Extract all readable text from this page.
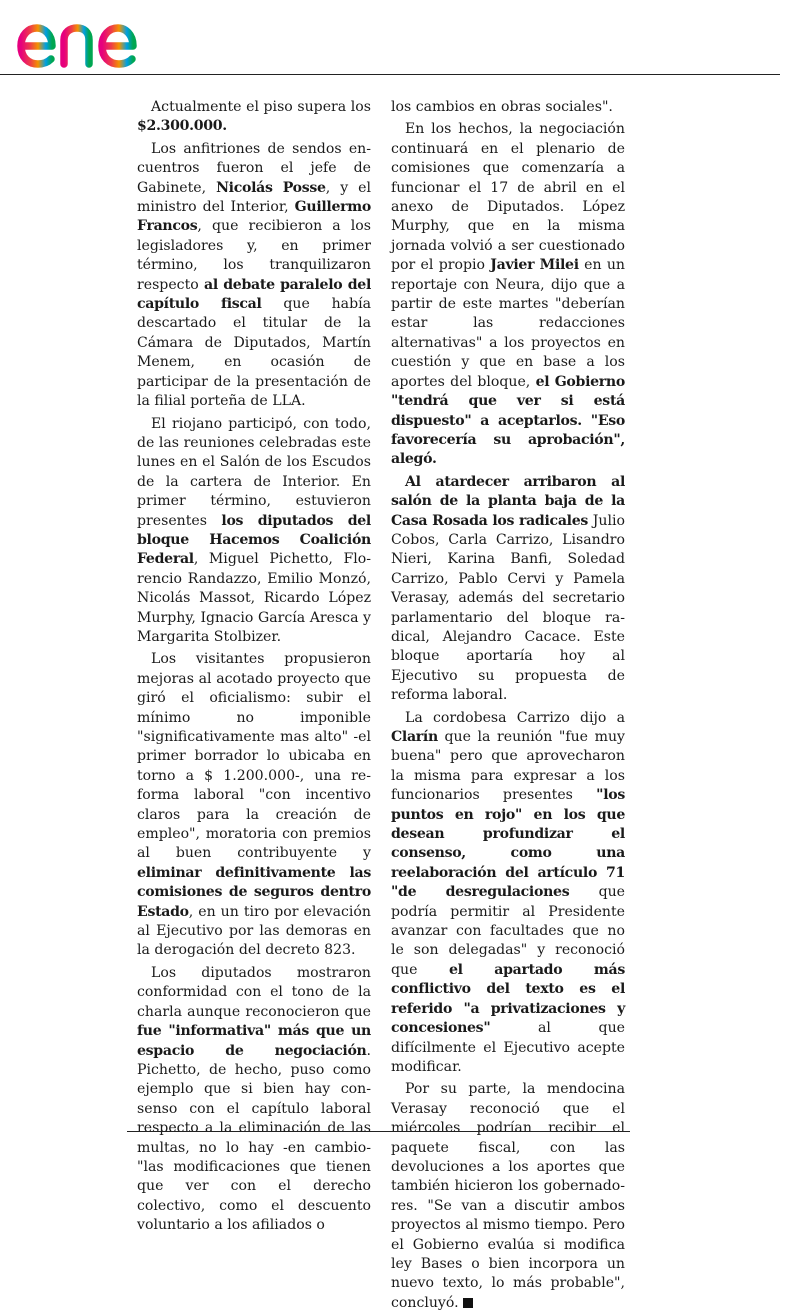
Actualmente el piso supera los $2.300.000.

Los anfitriones de sendos encuentros fueron el jefe de Gabinete, Nicolás Posse, y el ministro del Interior, Guillermo Francos, que recibieron a los legisladores y, en primer término, los tranquilizaron respecto al debate paralelo del capítulo fiscal que había descartado el titular de la Cámara de Diputados, Martín Menem, en ocasión de participar de la presentación de la filial porteña de LLA.

El riojano participó, con todo, de las reuniones celebradas este lunes en el Salón de los Escudos de la cartera de Interior. En primer término, estuvieron presentes los diputados del bloque Hacemos Coalición Federal, Miguel Pichetto, Florencio Randazzo, Emilio Monzó, Nicolás Massot, Ricardo López Murphy, Ignacio García Aresca y Margarita Stolbizer.

Los visitantes propusieron mejoras al acotado proyecto que giró el oficialismo: subir el mínimo no imponible "significativamente mas alto" -el primer borrador lo ubicaba en torno a $ 1.200.000-, una reforma laboral "con incentivo claros para la creación de empleo", moratoria con premios al buen contribuyente y eliminar definitivamente las comisiones de seguros dentro Estado, en un tiro por elevación al Ejecutivo por las demoras en la derogación del decreto 823.

Los diputados mostraron conformidad con el tono de la charla aunque reconocieron que fue "informativa" más que un espacio de negociación. Pichetto, de hecho, puso como ejemplo que si bien hay consenso con el capítulo laboral respecto a la eliminación de las multas, no lo hay -en cambio- "las modificaciones que tienen que ver con el derecho colectivo, como el descuento voluntario a los afiliados o

los cambios en obras sociales".

En los hechos, la negociación continuará en el plenario de comisiones que comenzaría a funcionar el 17 de abril en el anexo de Diputados. López Murphy, que en la misma jornada volvió a ser cuestionado por el propio Javier Milei en un reportaje con Neura, dijo que a partir de este martes "deberían estar las redacciones alternativas" a los proyectos en cuestión y que en base a los aportes del bloque, el Gobierno "tendrá que ver si está dispuesto" a aceptarlos. "Eso favorecería su aprobación", alegó.

Al atardecer arribaron al salón de la planta baja de la Casa Rosada los radicales Julio Cobos, Carla Carrizo, Lisandro Nieri, Karina Banfi, Soledad Carrizo, Pablo Cervi y Pamela Verasay, además del secretario parlamentario del bloque radical, Alejandro Cacace. Este bloque aportaría hoy al Ejecutivo su propuesta de reforma laboral.

La cordobesa Carrizo dijo a Clarín que la reunión "fue muy buena" pero que aprovecharon la misma para expresar a los funcionarios presentes "los puntos en rojo" en los que desean profundizar el consenso, como una reelaboración del artículo 71 "de desregulaciones que podría permitir al Presidente avanzar con facultades que no le son delegadas" y reconoció que el apartado más conflictivo del texto es el referido "a privatizaciones y concesiones" al que difícilmente el Ejecutivo acepte modificar.

Por su parte, la mendocina Verasay reconoció que el miércoles podrían recibir el paquete fiscal, con las devoluciones a los aportes que también hicieron los gobernadores. "Se van a discutir ambos proyectos al mismo tiempo. Pero el Gobierno evalúa si modifica ley Bases o bien incorpora un nuevo texto, lo más probable", concluyó.
